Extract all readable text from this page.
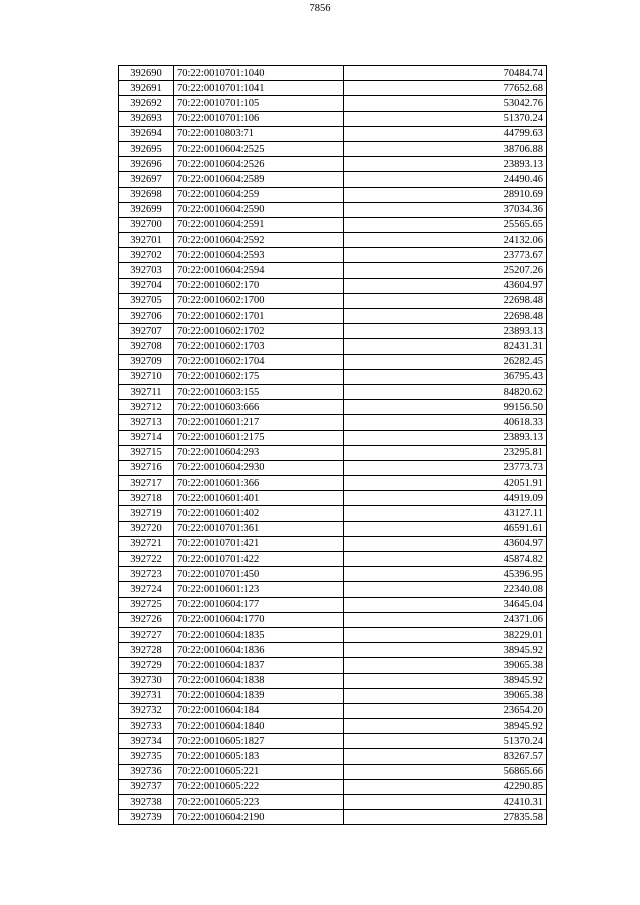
7856
392690	70:22:0010701:1040	70484.74
392691	70:22:0010701:1041	77652.68
392692	70:22:0010701:105	53042.76
392693	70:22:0010701:106	51370.24
392694	70:22:0010803:71	44799.63
392695	70:22:0010604:2525	38706.88
392696	70:22:0010604:2526	23893.13
392697	70:22:0010604:2589	24490.46
392698	70:22:0010604:259	28910.69
392699	70:22:0010604:2590	37034.36
392700	70:22:0010604:2591	25565.65
392701	70:22:0010604:2592	24132.06
392702	70:22:0010604:2593	23773.67
392703	70:22:0010604:2594	25207.26
392704	70:22:0010602:170	43604.97
392705	70:22:0010602:1700	22698.48
392706	70:22:0010602:1701	22698.48
392707	70:22:0010602:1702	23893.13
392708	70:22:0010602:1703	82431.31
392709	70:22:0010602:1704	26282.45
392710	70:22:0010602:175	36795.43
392711	70:22:0010603:155	84820.62
392712	70:22:0010603:666	99156.50
392713	70:22:0010601:217	40618.33
392714	70:22:0010601:2175	23893.13
392715	70:22:0010604:293	23295.81
392716	70:22:0010604:2930	23773.73
392717	70:22:0010601:366	42051.91
392718	70:22:0010601:401	44919.09
392719	70:22:0010601:402	43127.11
392720	70:22:0010701:361	46591.61
392721	70:22:0010701:421	43604.97
392722	70:22:0010701:422	45874.82
392723	70:22:0010701:450	45396.95
392724	70:22:0010601:123	22340.08
392725	70:22:0010604:177	34645.04
392726	70:22:0010604:1770	24371.06
392727	70:22:0010604:1835	38229.01
392728	70:22:0010604:1836	38945.92
392729	70:22:0010604:1837	39065.38
392730	70:22:0010604:1838	38945.92
392731	70:22:0010604:1839	39065.38
392732	70:22:0010604:184	23654.20
392733	70:22:0010604:1840	38945.92
392734	70:22:0010605:1827	51370.24
392735	70:22:0010605:183	83267.57
392736	70:22:0010605:221	56865.66
392737	70:22:0010605:222	42290.85
392738	70:22:0010605:223	42410.31
392739	70:22:0010604:2190	27835.58
